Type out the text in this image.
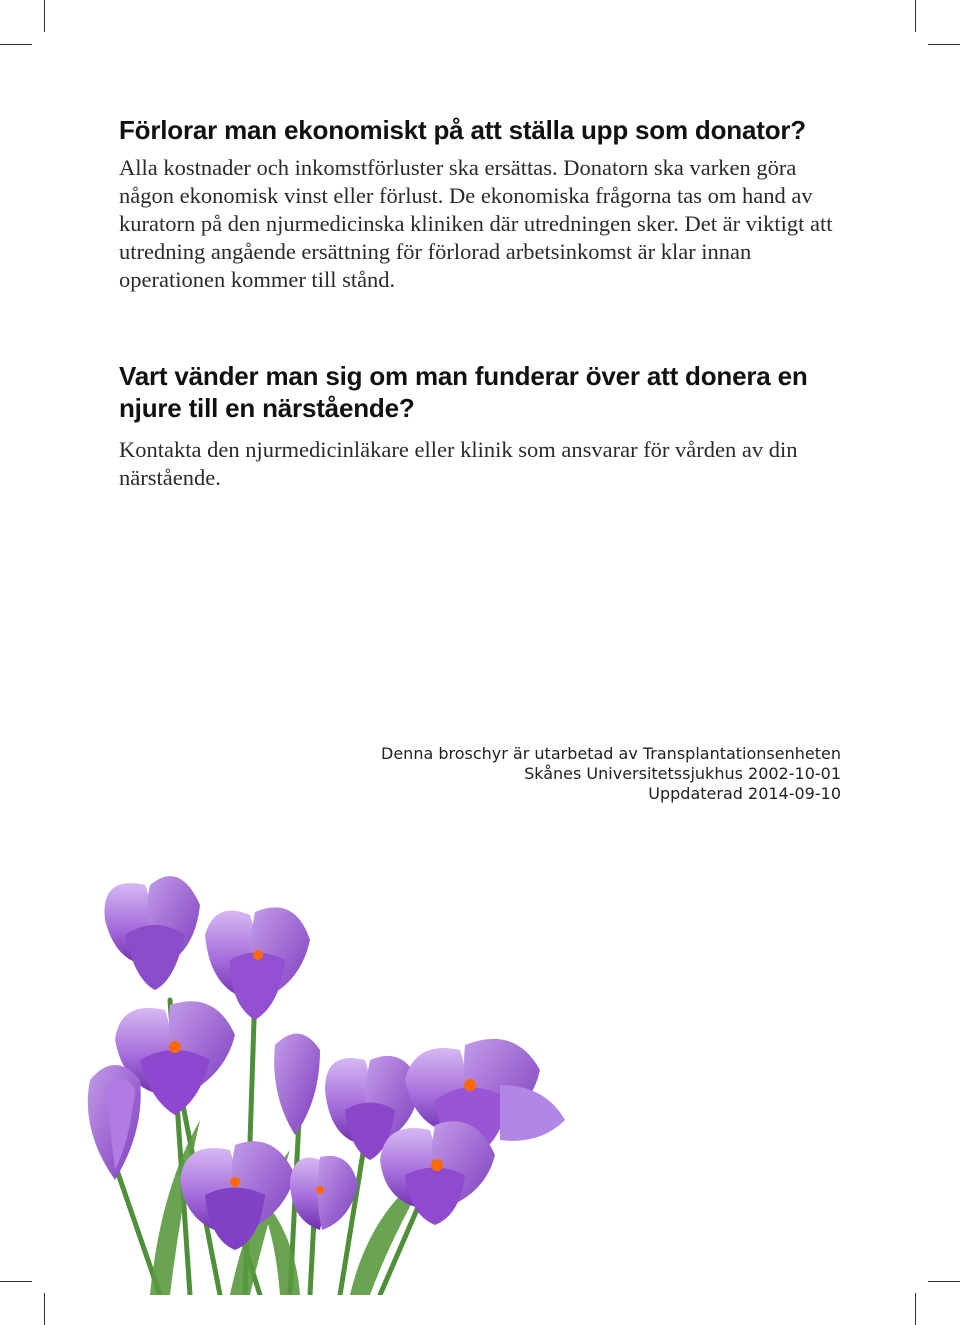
Förlorar man ekonomiskt på att ställa upp som donator?

Alla kostnader och inkomstförluster ska ersättas. Donatorn ska varken göra någon ekonomisk vinst eller förlust. De ekonomiska frågorna tas om hand av kuratorn på den njurmedicinska kliniken där utredningen sker. Det är viktigt att utredning angående ersättning för förlorad arbetsinkomst är klar innan operationen kommer till stånd.

Vart vänder man sig om man funderar över att donera en njure till en närstående?

Kontakta den njurmedicinläkare eller klinik som ansvarar för vården av din närstående.

Denna broschyr är utarbetad av Transplantationsenheten
Skånes Universitetssjukhus 2002-10-01
Uppdaterad 2014-09-10
